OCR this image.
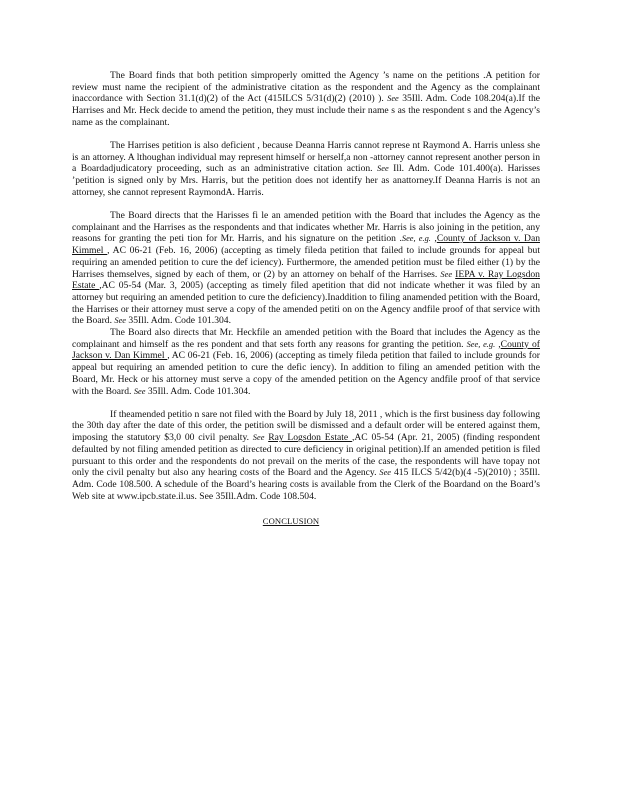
The Board finds that both petition simproperly omitted the Agency ’s name on the petitions .A petition for review must name the recipient of the administrative citation as the respondent and the Agency as the complainant inaccordance with Section 31.1(d)(2) of the Act (415ILCS 5/31(d)(2) (2010) ). See 35Ill. Adm. Code 108.204(a).If the Harrises and Mr. Heck decide to amend the petition, they must include their name s as the respondent s and the Agency’s name as the complainant.

The Harrises petition is also deficient , because Deanna Harris cannot represe nt Raymond A. Harris unless she is an attorney. A lthoughan individual may represent himself or herself,a non -attorney cannot represent another person in a Boardadjudicatory proceeding, such as an administrative citation action. See Ill. Adm. Code 101.400(a). Harisses ’petition is signed only by Mrs. Harris, but the petition does not identify her as anattorney.If Deanna Harris is not an attorney, she cannot represent RaymondA. Harris.

The Board directs that the Harisses fi le an amended petition with the Board that includes the Agency as the complainant and the Harrises as the respondents and that indicates whether Mr. Harris is also joining in the petition, any reasons for granting the peti tion for Mr. Harris, and his signature on the petition .See, e.g. ,County of Jackson v. Dan Kimmel , AC 06-21 (Feb. 16, 2006) (accepting as timely fileda petition that failed to include grounds for appeal but requiring an amended petition to cure the def iciency). Furthermore, the amended petition must be filed either (1) by the Harrises themselves, signed by each of them, or (2) by an attorney on behalf of the Harrises. See IEPA v. Ray Logsdon Estate ,AC 05-54 (Mar. 3, 2005) (accepting as timely filed apetition that did not indicate whether it was filed by an attorney but requiring an amended petition to cure the deficiency).Inaddition to filing anamended petition with the Board, the Harrises or their attorney must serve a copy of the amended petiti on on the Agency andfile proof of that service with the Board. See 35Ill. Adm. Code 101.304.

The Board also directs that Mr. Heckfile an amended petition with the Board that includes the Agency as the complainant and himself as the res pondent and that sets forth any reasons for granting the petition. See, e.g. ,County of Jackson v. Dan Kimmel , AC 06-21 (Feb. 16, 2006) (accepting as timely fileda petition that failed to include grounds for appeal but requiring an amended petition to cure the defic iency). In addition to filing an amended petition with the Board, Mr. Heck or his attorney must serve a copy of the amended petition on the Agency andfile proof of that service with the Board. See 35Ill. Adm. Code 101.304.

If theamended petitio n sare not filed with the Board by July 18, 2011 , which is the first business day following the 30th day after the date of this order, the petition swill be dismissed and a default order will be entered against them, imposing the statutory $3,0 00 civil penalty. See Ray Logsdon Estate ,AC 05-54 (Apr. 21, 2005) (finding respondent defaulted by not filing amended petition as directed to cure deficiency in original petition).If an amended petition is filed pursuant to this order and the respondents do not prevail on the merits of the case, the respondents will have topay not only the civil penalty but also any hearing costs of the Board and the Agency. See 415 ILCS 5/42(b)(4 -5)(2010) ; 35Ill. Adm. Code 108.500. A schedule of the Board’s hearing costs is available from the Clerk of the Boardand on the Board’s Web site at www.ipcb.state.il.us. See 35Ill.Adm. Code 108.504.

CONCLUSION
